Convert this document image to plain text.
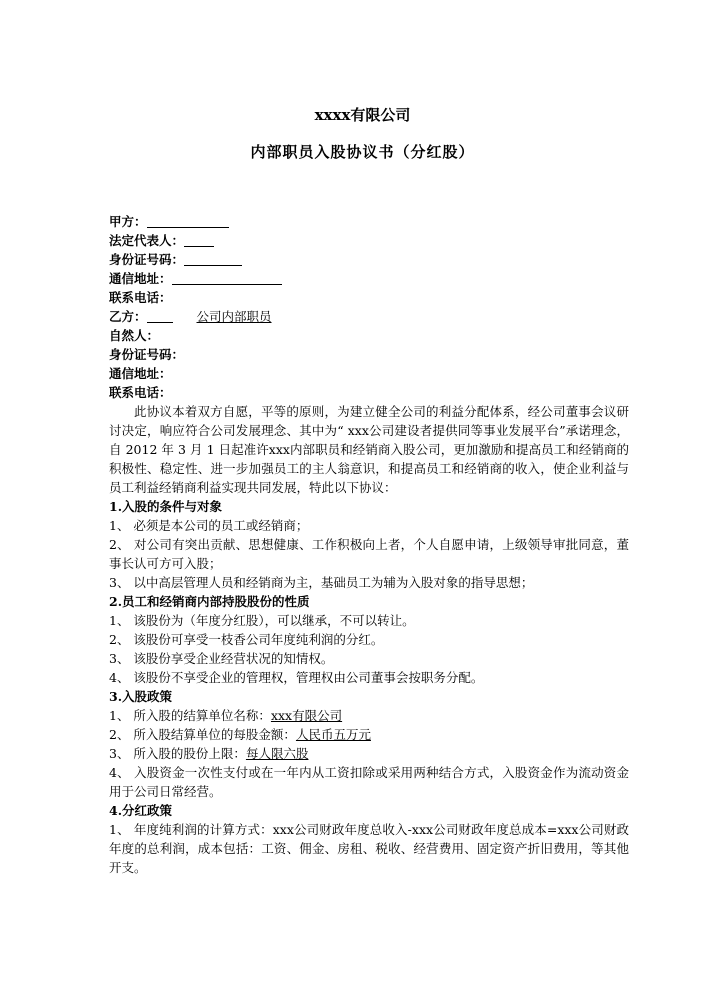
xxxx有限公司
内部职员入股协议书（分红股）
甲方：
法定代表人：
身份证号码：
通信地址：
联系电话：
乙方：	公司内部职员
自然人：
身份证号码：
通信地址：
联系电话：
此协议本着双方自愿，平等的原则，为建立健全公司的利益分配体系，经公司董事会议研讨决定，响应符合公司发展理念、其中为“ xxx公司建设者提供同等事业发展平台”承诺理念，自 2012 年 3 月 1 日起准许xxx内部职员和经销商入股公司，更加激励和提高员工和经销商的积极性、稳定性、进一步加强员工的主人翁意识，和提高员工和经销商的收入，使企业利益与员工利益经销商利益实现共同发展，特此以下协议：
1.入股的条件与对象
1、 必须是本公司的员工或经销商；
2、 对公司有突出贡献、思想健康、工作积极向上者，个人自愿申请，上级领导审批同意，董事长认可方可入股；
3、 以中高层管理人员和经销商为主，基础员工为辅为入股对象的指导思想；
2.员工和经销商内部持股股份的性质
1、 该股份为（年度分红股），可以继承，不可以转让。
2、 该股份可享受一枝香公司年度纯利润的分红。
3、 该股份享受企业经营状况的知情权。
4、 该股份不享受企业的管理权，管理权由公司董事会按职务分配。
3.入股政策
1、 所入股的结算单位名称：xxx有限公司
2、 所入股结算单位的每股金额：人民币五万元
3、 所入股的股份上限：每人限六股
4、 入股资金一次性支付或在一年内从工资扣除或采用两种结合方式，入股资金作为流动资金用于公司日常经营。
4.分红政策
1、 年度纯利润的计算方式：xxx公司财政年度总收入-xxx公司财政年度总成本=xxx公司财政年度的总利润，成本包括：工资、佣金、房租、税收、经营费用、固定资产折旧费用，等其他开支。
